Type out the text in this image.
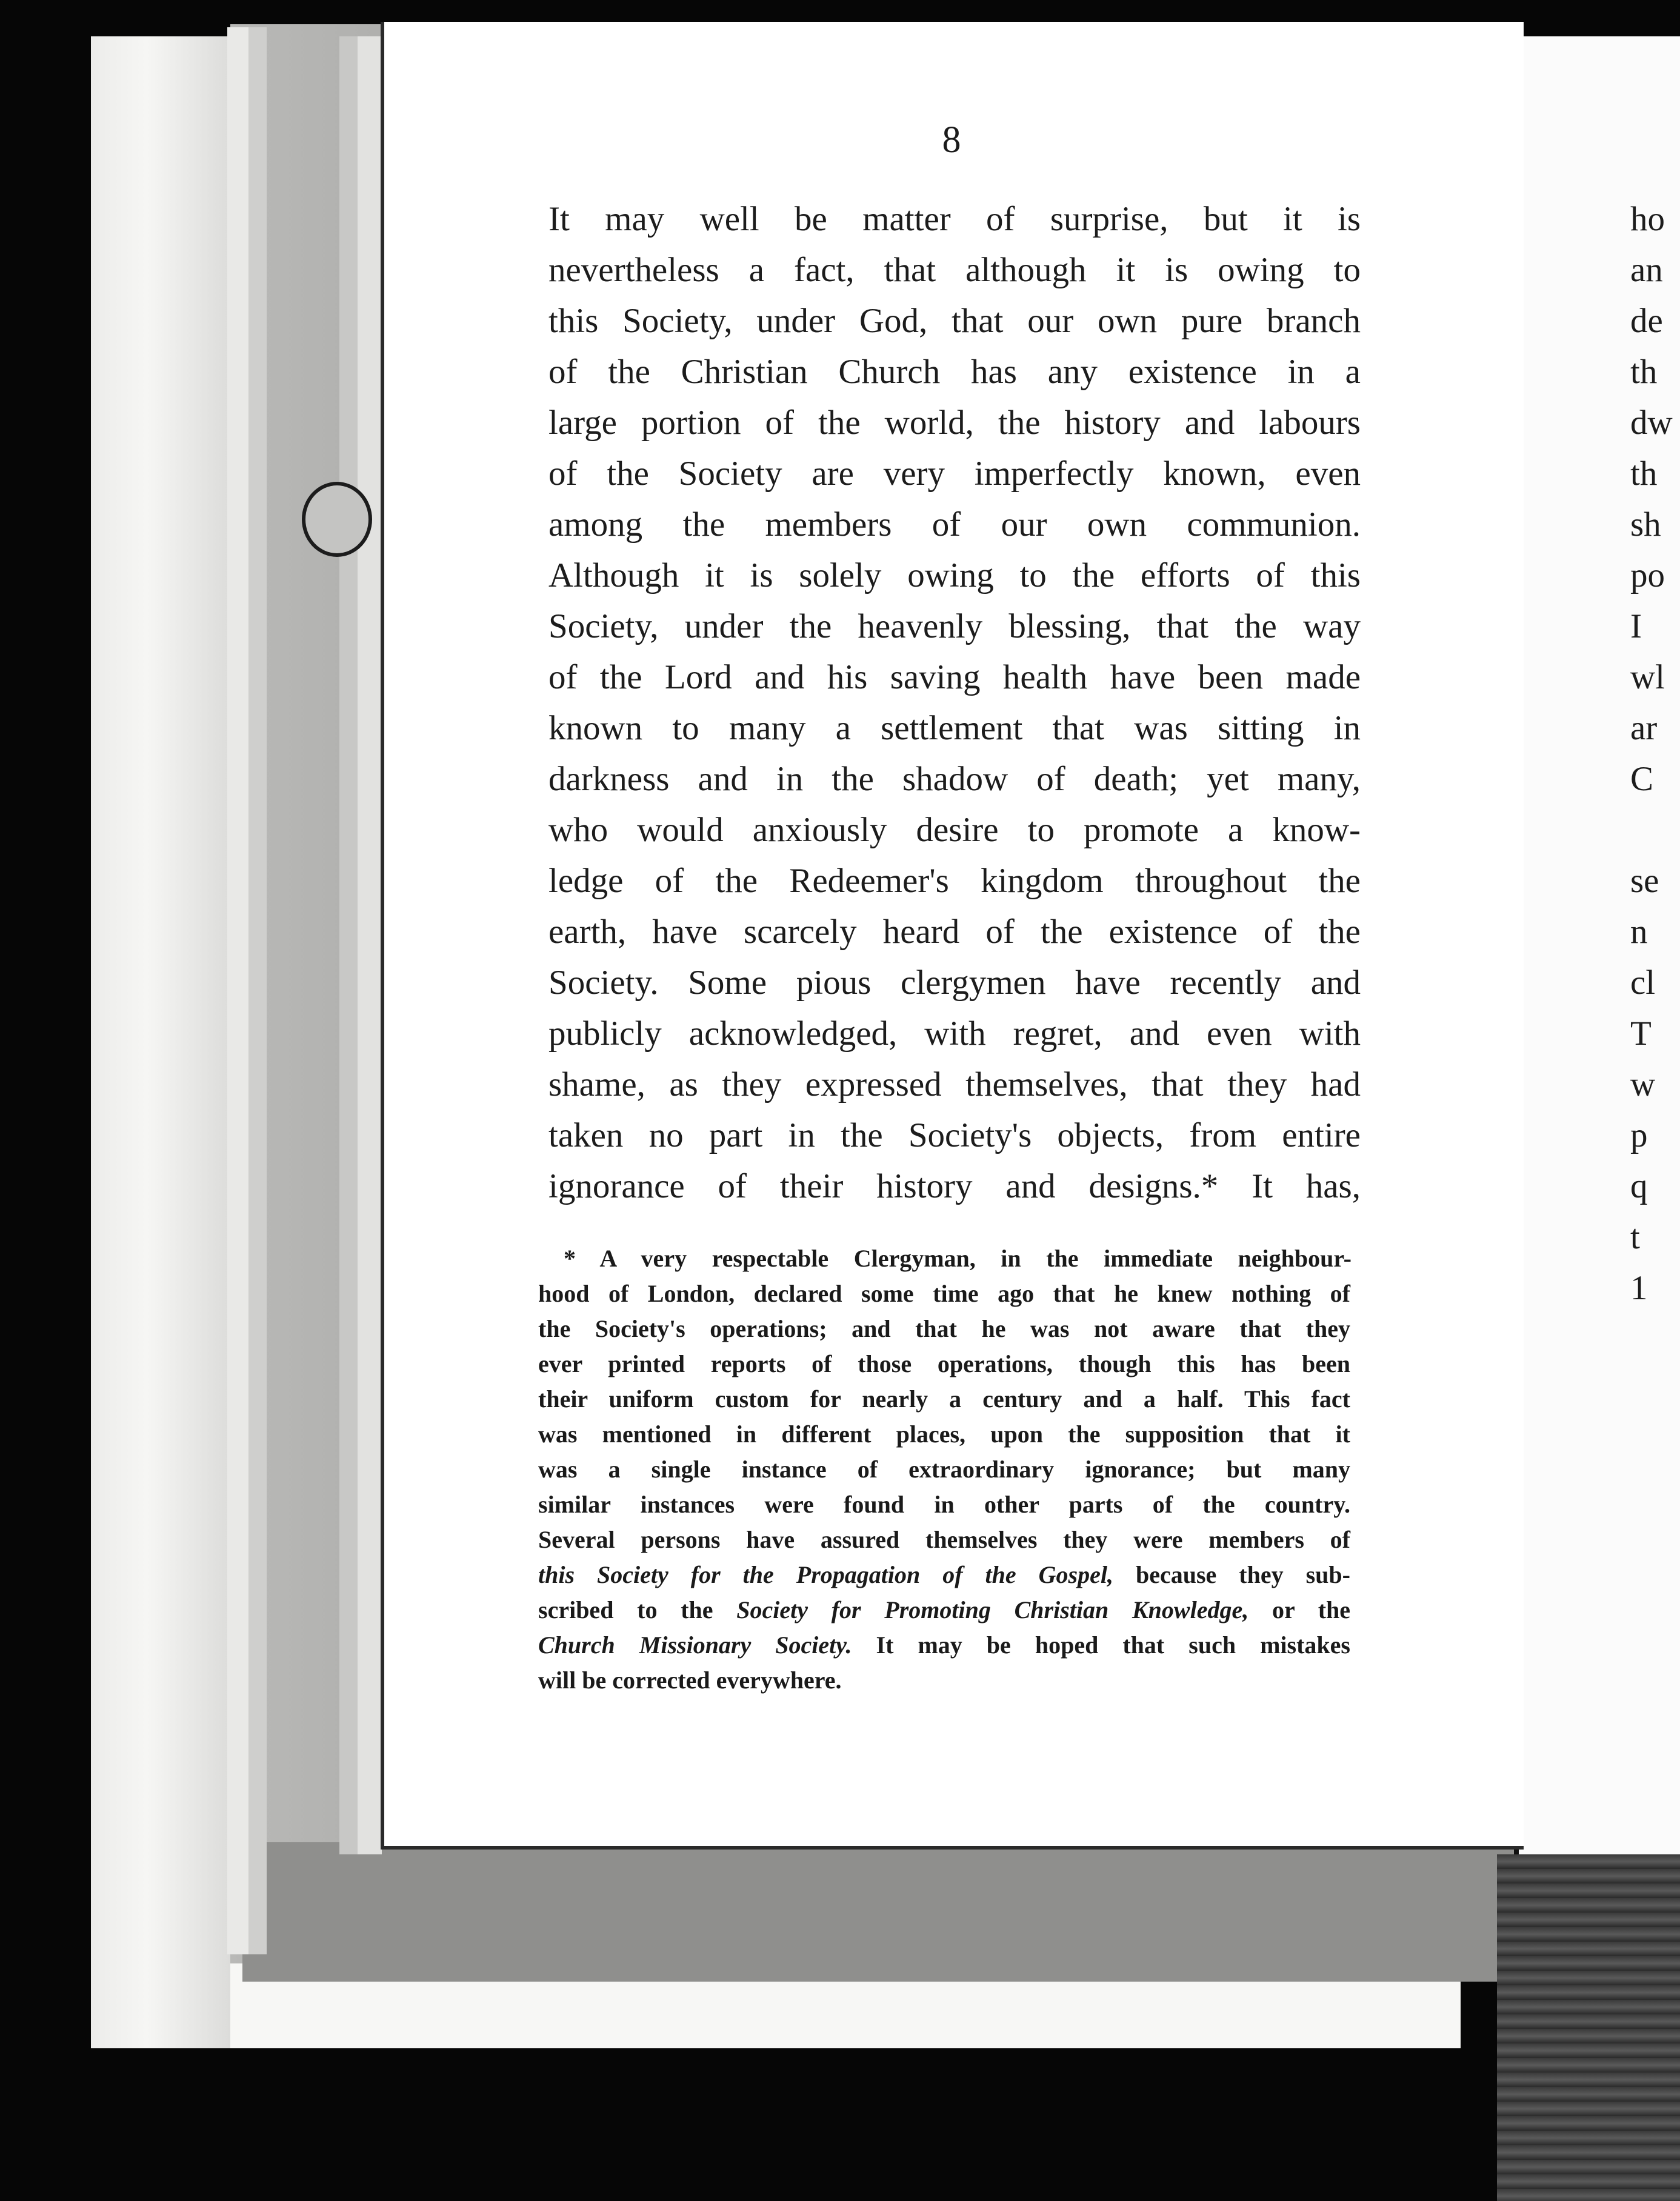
ho
an
de
th
dw
th
sh
po
I
wl
ar
C
se
n
cl
T
w
p
q
t
1
8
It may well be matter of surprise, but it is
nevertheless a fact, that although it is owing to
this Society, under God, that our own pure branch
of the Christian Church has any existence in a
large portion of the world, the history and labours
of the Society are very imperfectly known, even
among the members of our own communion.
Although it is solely owing to the efforts of this
Society, under the heavenly blessing, that the way
of the Lord and his saving health have been made
known to many a settlement that was sitting in
darkness and in the shadow of death; yet many,
who would anxiously desire to promote a know-
ledge of the Redeemer's kingdom throughout the
earth, have scarcely heard of the existence of the
Society. Some pious clergymen have recently and
publicly acknowledged, with regret, and even with
shame, as they expressed themselves, that they had
taken no part in the Society's objects, from entire
ignorance of their history and designs.* It has,
* A very respectable Clergyman, in the immediate neighbour-
hood of London, declared some time ago that he knew nothing of
the Society's operations; and that he was not aware that they
ever printed reports of those operations, though this has been
their uniform custom for nearly a century and a half. This fact
was mentioned in different places, upon the supposition that it
was a single instance of extraordinary ignorance; but many
similar instances were found in other parts of the country.
Several persons have assured themselves they were members of
this Society for the Propagation of the Gospel, because they sub-
scribed to the Society for Promoting Christian Knowledge, or the
Church Missionary Society. It may be hoped that such mistakes
will be corrected everywhere.
